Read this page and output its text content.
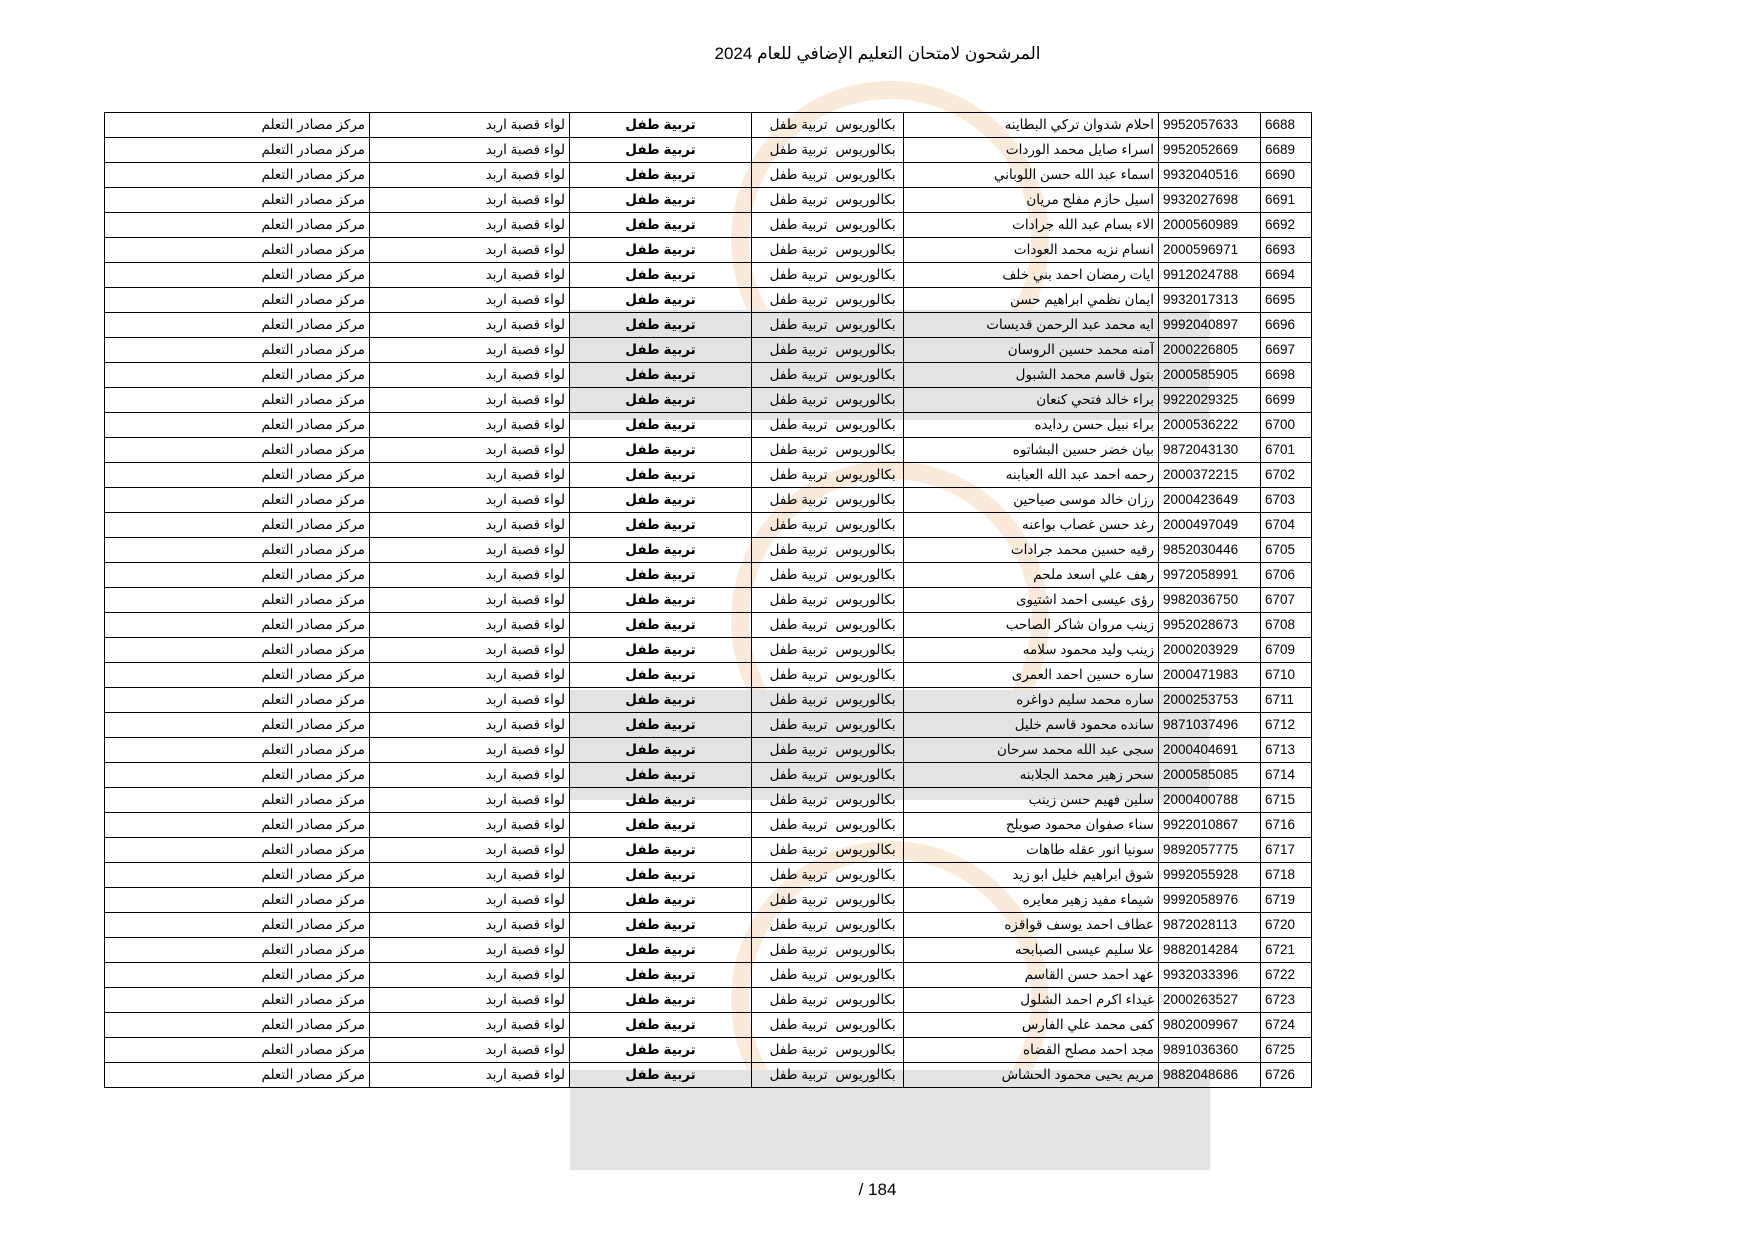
المرشحون لامتحان التعليم الإضافي للعام 2024
مركز مصادر التعلم	لواء قصبة اربد	تربية طفل	تربية طفل	بكالوريوس	احلام شدوان تركي البطاينه	9952057633	6688
مركز مصادر التعلم	لواء قصبة اربد	تربية طفل	تربية طفل	بكالوريوس	اسراء صايل محمد الوردات	9952052669	6689
مركز مصادر التعلم	لواء قصبة اربد	تربية طفل	تربية طفل	بكالوريوس	اسماء عبد الله حسن اللوباني	9932040516	6690
مركز مصادر التعلم	لواء قصبة اربد	تربية طفل	تربية طفل	بكالوريوس	اسيل حازم مفلح مريان	9932027698	6691
مركز مصادر التعلم	لواء قصبة اربد	تربية طفل	تربية طفل	بكالوريوس	الاء بسام عبد الله جرادات	2000560989	6692
مركز مصادر التعلم	لواء قصبة اربد	تربية طفل	تربية طفل	بكالوريوس	انسام نزيه محمد العودات	2000596971	6693
مركز مصادر التعلم	لواء قصبة اربد	تربية طفل	تربية طفل	بكالوريوس	ايات رمضان احمد بني خلف	9912024788	6694
مركز مصادر التعلم	لواء قصبة اربد	تربية طفل	تربية طفل	بكالوريوس	ايمان نظمي ابراهيم حسن	9932017313	6695
مركز مصادر التعلم	لواء قصبة اربد	تربية طفل	تربية طفل	بكالوريوس	ايه محمد عبد الرحمن قديسات	9992040897	6696
مركز مصادر التعلم	لواء قصبة اربد	تربية طفل	تربية طفل	بكالوريوس	آمنه محمد حسين الروسان	2000226805	6697
مركز مصادر التعلم	لواء قصبة اربد	تربية طفل	تربية طفل	بكالوريوس	بتول قاسم محمد الشبول	2000585905	6698
مركز مصادر التعلم	لواء قصبة اربد	تربية طفل	تربية طفل	بكالوريوس	براء خالد فتحي كنعان	9922029325	6699
مركز مصادر التعلم	لواء قصبة اربد	تربية طفل	تربية طفل	بكالوريوس	براء نبيل حسن ردايده	2000536222	6700
مركز مصادر التعلم	لواء قصبة اربد	تربية طفل	تربية طفل	بكالوريوس	بيان خضر حسين البشاتوه	9872043130	6701
مركز مصادر التعلم	لواء قصبة اربد	تربية طفل	تربية طفل	بكالوريوس	رحمه احمد عبد الله العبابنه	2000372215	6702
مركز مصادر التعلم	لواء قصبة اربد	تربية طفل	تربية طفل	بكالوريوس	رزان خالد موسى صياحين	2000423649	6703
مركز مصادر التعلم	لواء قصبة اربد	تربية طفل	تربية طفل	بكالوريوس	رغد حسن غصاب بواعنه	2000497049	6704
مركز مصادر التعلم	لواء قصبة اربد	تربية طفل	تربية طفل	بكالوريوس	رقيه حسين محمد جرادات	9852030446	6705
مركز مصادر التعلم	لواء قصبة اربد	تربية طفل	تربية طفل	بكالوريوس	رهف علي اسعد ملحم	9972058991	6706
مركز مصادر التعلم	لواء قصبة اربد	تربية طفل	تربية طفل	بكالوريوس	رؤى عيسى احمد اشتيوى	9982036750	6707
مركز مصادر التعلم	لواء قصبة اربد	تربية طفل	تربية طفل	بكالوريوس	زينب مروان شاكر الصاحب	9952028673	6708
مركز مصادر التعلم	لواء قصبة اربد	تربية طفل	تربية طفل	بكالوريوس	زينب وليد محمود سلامه	2000203929	6709
مركز مصادر التعلم	لواء قصبة اربد	تربية طفل	تربية طفل	بكالوريوس	ساره حسين احمد العمرى	2000471983	6710
مركز مصادر التعلم	لواء قصبة اربد	تربية طفل	تربية طفل	بكالوريوس	ساره محمد سليم دواغره	2000253753	6711
مركز مصادر التعلم	لواء قصبة اربد	تربية طفل	تربية طفل	بكالوريوس	سانده محمود قاسم خليل	9871037496	6712
مركز مصادر التعلم	لواء قصبة اربد	تربية طفل	تربية طفل	بكالوريوس	سجى عبد الله محمد سرحان	2000404691	6713
مركز مصادر التعلم	لواء قصبة اربد	تربية طفل	تربية طفل	بكالوريوس	سحر زهير محمد الجلابنه	2000585085	6714
مركز مصادر التعلم	لواء قصبة اربد	تربية طفل	تربية طفل	بكالوريوس	سلين فهيم حسن زينب	2000400788	6715
مركز مصادر التعلم	لواء قصبة اربد	تربية طفل	تربية طفل	بكالوريوس	سناء صفوان محمود صويلح	9922010867	6716
مركز مصادر التعلم	لواء قصبة اربد	تربية طفل	تربية طفل	بكالوريوس	سونيا انور عقله طاهات	9892057775	6717
مركز مصادر التعلم	لواء قصبة اربد	تربية طفل	تربية طفل	بكالوريوس	شوق ابراهيم خليل ابو زيد	9992055928	6718
مركز مصادر التعلم	لواء قصبة اربد	تربية طفل	تربية طفل	بكالوريوس	شيماء مفيد زهير معايره	9992058976	6719
مركز مصادر التعلم	لواء قصبة اربد	تربية طفل	تربية طفل	بكالوريوس	عطاف احمد يوسف قواقزه	9872028113	6720
مركز مصادر التعلم	لواء قصبة اربد	تربية طفل	تربية طفل	بكالوريوس	علا سليم عيسى الصبابحه	9882014284	6721
مركز مصادر التعلم	لواء قصبة اربد	تربية طفل	تربية طفل	بكالوريوس	عهد احمد حسن القاسم	9932033396	6722
مركز مصادر التعلم	لواء قصبة اربد	تربية طفل	تربية طفل	بكالوريوس	غيداء اكرم احمد الشلول	2000263527	6723
مركز مصادر التعلم	لواء قصبة اربد	تربية طفل	تربية طفل	بكالوريوس	كفى محمد علي الفارس	9802009967	6724
مركز مصادر التعلم	لواء قصبة اربد	تربية طفل	تربية طفل	بكالوريوس	مجد احمد مصلح القضاه	9891036360	6725
مركز مصادر التعلم	لواء قصبة اربد	تربية طفل	تربية طفل	بكالوريوس	مريم يحيى محمود الحشاش	9882048686	6726
/ 184
